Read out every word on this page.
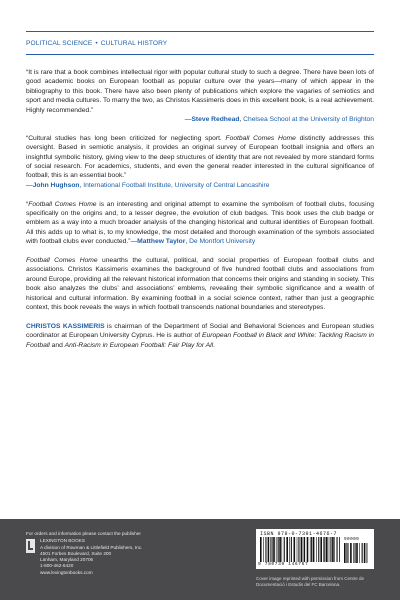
POLITICAL SCIENCE • CULTURAL HISTORY

“It is rare that a book combines intellectual rigor with popular cultural study to such a degree. There have been lots of good academic books on European football as popular culture over the years—many of which appear in the bibliography to this book. There have also been plenty of publications which explore the vagaries of semiotics and sport and media cultures. To marry the two, as Christos Kassimeris does in this excellent book, is a real achievement. Highly recommended.”

—Steve Redhead, Chelsea School at the University of Brighton

“Cultural studies has long been criticized for neglecting sport. Football Comes Home distinctly addresses this oversight. Based in semiotic analysis, it provides an original survey of European football insignia and offers an insightful symbolic history, giving view to the deep structures of identity that are not revealed by more standard forms of social research. For academics, students, and even the general reader interested in the cultural significance of football, this is an essential book.”
—John Hughson, International Football Institute, University of Central Lancashire

“Football Comes Home is an interesting and original attempt to examine the symbolism of football clubs, focusing specifically on the origins and, to a lesser degree, the evolution of club badges. This book uses the club badge or emblem as a way into a much broader analysis of the changing historical and cultural identities of European football. All this adds up to what is, to my knowledge, the most detailed and thorough examination of the symbols associated with football clubs ever conducted.”—Matthew Taylor, De Montfort University

Football Comes Home unearths the cultural, political, and social properties of European football clubs and associations. Christos Kassimeris examines the background of five hundred football clubs and associations from around Europe, providing all the relevant historical information that concerns their origins and standing in society. This book also analyzes the clubs’ and associations’ emblems, revealing their symbolic significance and a wealth of historical and cultural information. By examining football in a social science context, rather than just a geographic context, this book reveals the ways in which football transcends national boundaries and stereotypes.

CHRISTOS KASSIMERIS is chairman of the Department of Social and Behavioral Sciences and European studies coordinator at European University Cyprus. He is author of European Football in Black and White: Tackling Racism in Football and Anti-Racism in European Football: Fair Play for All.

For orders and information please contact the publisher
LEXINGTON BOOKS
A division of Rowman & Littlefield Publishers, Inc.
4501 Forbes Boulevard, Suite 200
Lanham, Maryland 20706
1-800-462-6420
www.lexingtonbooks.com
ISBN 978-0-7391-4676-7
90000
9 780739 146767
Cover image reprinted with permission from Centre de Documentació i Estudis del FC Barcelona.
